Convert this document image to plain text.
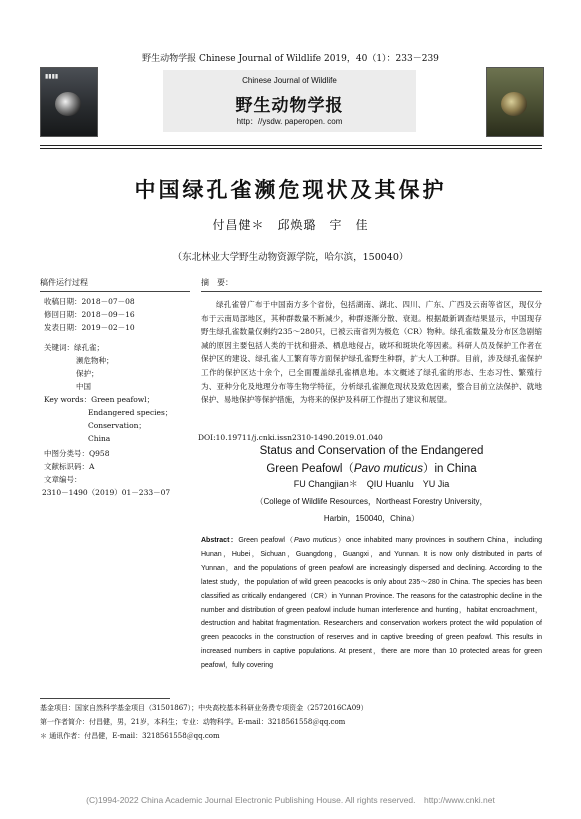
野生动物学报 Chinese Journal of Wildlife 2019，40（1）：233－239
▮▮▮▮	Chinese Journal of Wildlife
野生动物学报
http：//ysdw. paperopen. com
中国绿孔雀濒危现状及其保护
付昌健＊　邱焕璐　宇　佳
（东北林业大学野生动物资源学院，哈尔滨，150040）
稿件运行过程
收稿日期：2018－07－08
修回日期：2018－09－16
发表日期：2019－02－10
关键词：绿孔雀；
濒危物种；
保护；
中国
Key words：Green peafowl；
Endangered species；
Conservation；
China
中图分类号：Q958
文献标识码：A
文章编号：
2310－1490（2019）01－233－07
摘　要：

绿孔雀曾广布于中国南方多个省份，包括湖南、湖北、四川、广东、广西及云南等省区，现仅分布于云南局部地区，其种群数量不断减少，种群逐渐分散、衰退。根据最新调查结果显示，中国现存野生绿孔雀数量仅剩约235～280只，已被云南省列为极危（CR）物种。绿孔雀数量及分布区急剧缩减的原因主要包括人类的干扰和猎杀、栖息地侵占，破坏和斑块化等因素。科研人员及保护工作者在保护区的建设、绿孔雀人工繁育等方面保护绿孔雀野生种群，扩大人工种群。目前，涉及绿孔雀保护工作的保护区达十余个，已全面覆盖绿孔雀栖息地。本文概述了绿孔雀的形态、生态习性、繁殖行为、亚种分化及地理分布等生物学特征，分析绿孔雀濒危现状及致危因素，整合目前立法保护、就地保护、易地保护等保护措施，为将来的保护及科研工作提出了建议和展望。

DOI:10.19711/j.cnki.issn2310-1490.2019.01.040
Status and Conservation of the Endangered
Green Peafowl（Pavo muticus）in China
FU Changjian＊　QIU Huanlu　YU Jia
（College of Wildlife Resources，Northeast Forestry University，
Harbin，150040，China）

Abstract：Green peafowl（Pavo muticus）once inhabited many provinces in southern China，including Hunan，Hubei，Sichuan，Guangdong，Guangxi，and Yunnan. It is now only distributed in parts of Yunnan，and the populations of green peafowl are increasingly dispersed and declining. According to the latest study，the population of wild green peacocks is only about 235～280 in China. The species has been classified as critically endangered（CR）in Yunnan Province. The reasons for the catastrophic decline in the number and distribution of green peafowl include human interference and hunting，habitat encroachment，destruction and habitat fragmentation. Researchers and conservation workers protect the wild population of green peacocks in the construction of reserves and in captive breeding of green peafowl. This results in increased numbers in captive populations. At present，there are more than 10 protected areas for green peafowl，fully covering

基金项目：国家自然科学基金项目（31501867）；中央高校基本科研业务费专项资金（2572016CA09）
第一作者简介：付昌健，男，21岁，本科生；专业：动物科学。E-mail：3218561558＠qq.com
＊ 通讯作者：付昌健，E-mail：3218561558＠qq.com
(C)1994-2022 China Academic Journal Electronic Publishing House. All rights reserved.　http://www.cnki.net
